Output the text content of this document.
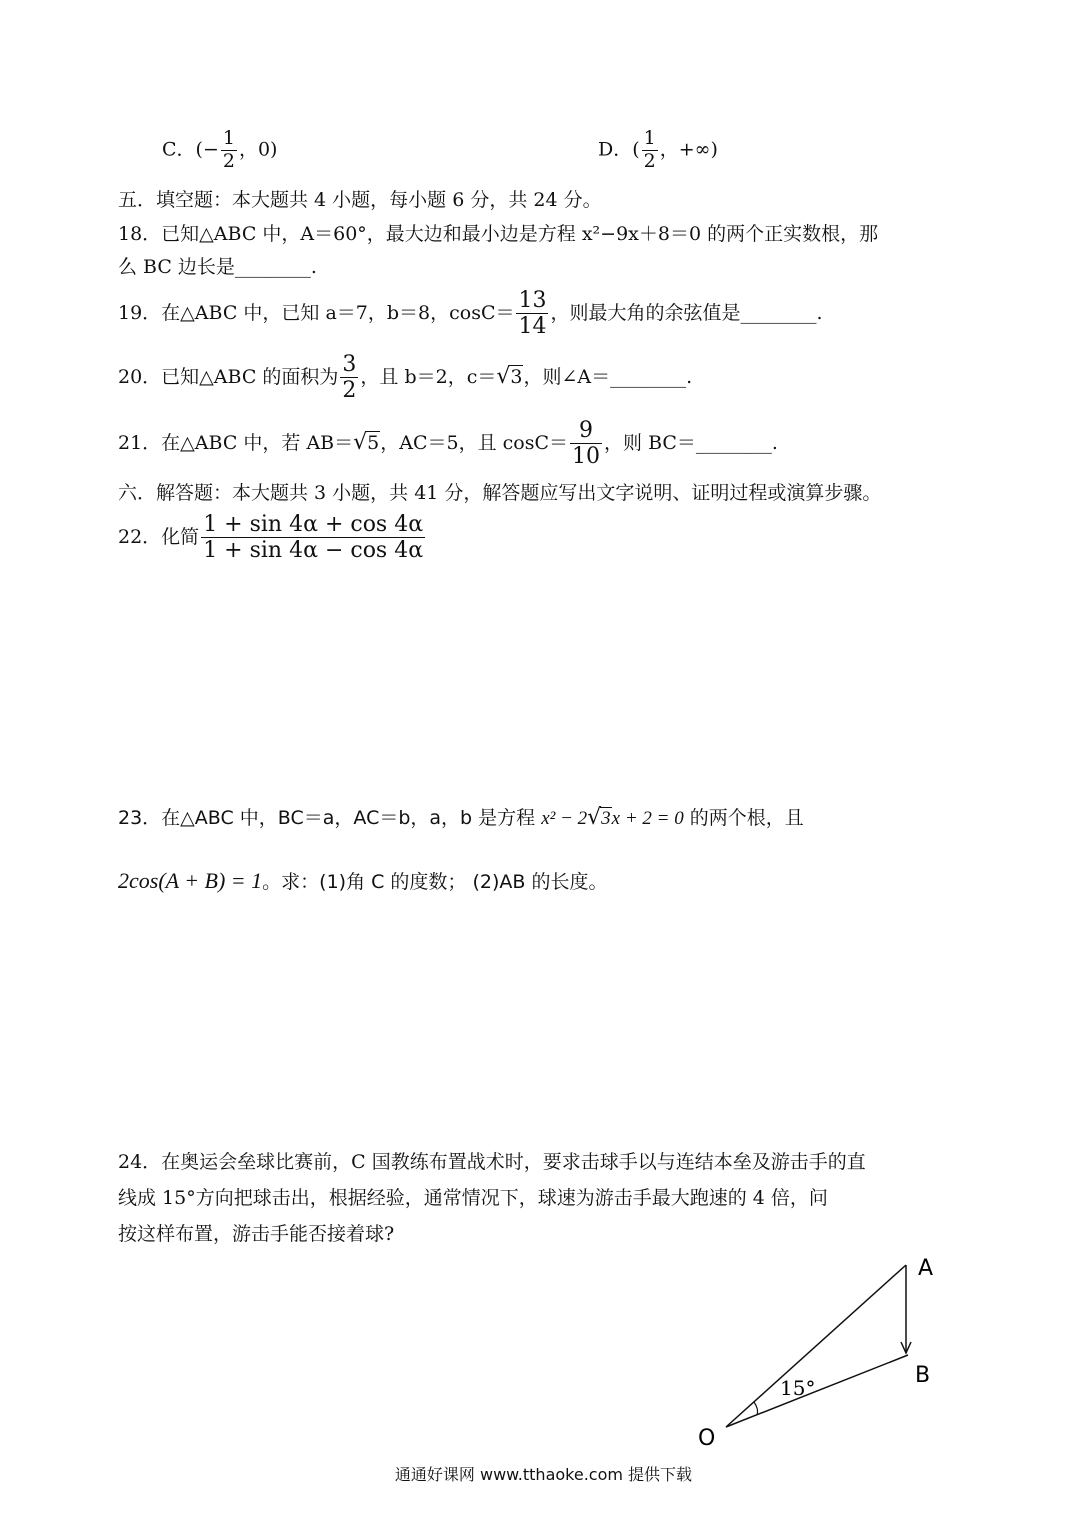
C．(− $\frac{1}{2}$ ，0)	D．( $\frac{1}{2}$ ，+∞)
五．填空题：本大题共 4 小题，每小题 6 分，共 24 分。
18．已知△ABC 中，A＝60°，最大边和最小边是方程 x²−9x＋8＝0 的两个正实数根，那
么 BC 边长是________.
19．在△ABC 中，已知 a＝7，b＝8，$\cos C= \frac{13}{14}$ ，则最大角的余弦值是________.
20．已知△ABC 的面积为 $\frac{3}{2}$ ，且 b＝2，c＝√3，则∠A＝________.
21．在△ABC 中，若 AB＝√5，AC＝5，且 $\cos C= \frac{9}{10}$ ，则 BC＝________.
六．解答题：本大题共 3 小题，共 41 分，解答题应写出文字说明、证明过程或演算步骤。
22．化简 $\frac{1 + \sin 4\alpha + \cos 4\alpha}{1 + \sin 4\alpha - \cos 4\alpha}$
23．在△ABC 中，BC＝a，AC＝b，a，b 是方程 x² − 2√3x + 2 = 0 的两个根，且
2cos(A + B) = 1。求：(1)角 C 的度数； (2)AB 的长度。
24．在奥运会垒球比赛前，C 国教练布置战术时，要求击球手以与连结本垒及游击手的直
线成 15°方向把球击出，根据经验，通常情况下，球速为游击手最大跑速的 4 倍，问
按这样布置，游击手能否接着球?
A
B
O
15°
通通好课网 www.tthaoke.com 提供下载
